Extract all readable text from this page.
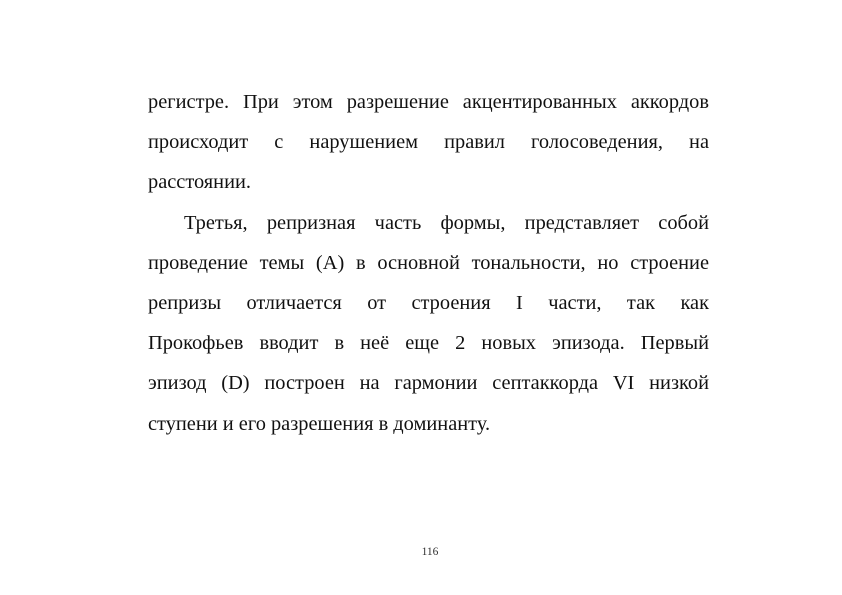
регистре. При этом разрешение акцентированных аккордов
происходит с нарушением правил голосоведения, на
расстоянии.
Третья, репризная часть формы, представляет собой
проведение темы (А) в основной тональности, но строение
репризы отличается от строения I части, так как
Прокофьев вводит в неё еще 2 новых эпизода. Первый
эпизод (D) построен на гармонии септаккорда VI низкой
ступени и его разрешения в доминанту.
116
